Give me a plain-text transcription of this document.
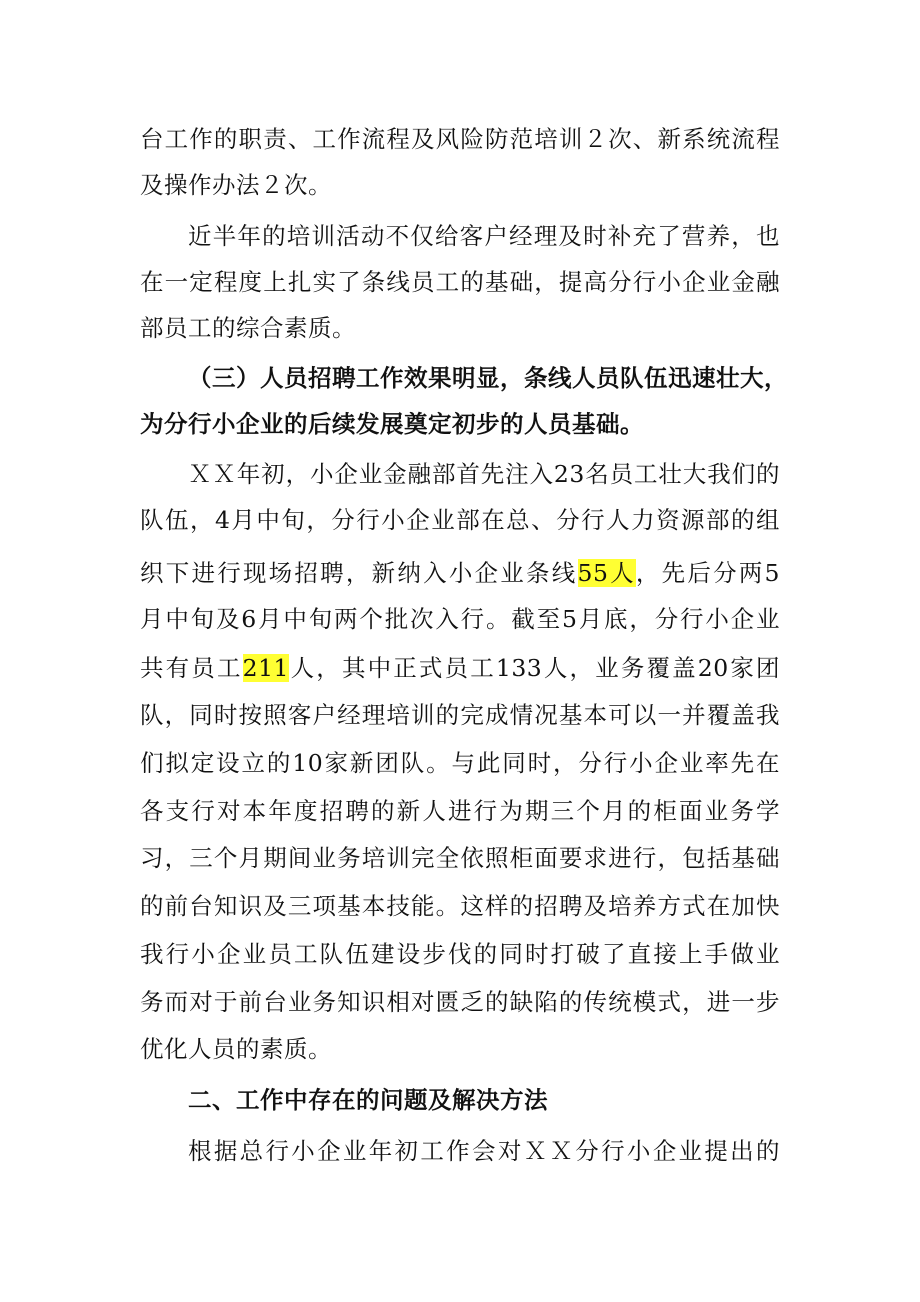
台工作的职责、工作流程及风险防范培训２次、新系统流程
及操作办法２次。
近半年的培训活动不仅给客户经理及时补充了营养，也
在一定程度上扎实了条线员工的基础，提高分行小企业金融
部员工的综合素质。
（三）人员招聘工作效果明显，条线人员队伍迅速壮大，
为分行小企业的后续发展奠定初步的人员基础。
ＸＸ年初，小企业金融部首先注入23名员工壮大我们的
队伍，4月中旬，分行小企业部在总、分行人力资源部的组
织下进行现场招聘，新纳入小企业条线55人，先后分两5
月中旬及6月中旬两个批次入行。截至5月底，分行小企业
共有员工211人，其中正式员工133人，业务覆盖20家团
队，同时按照客户经理培训的完成情况基本可以一并覆盖我
们拟定设立的10家新团队。与此同时，分行小企业率先在
各支行对本年度招聘的新人进行为期三个月的柜面业务学
习，三个月期间业务培训完全依照柜面要求进行，包括基础
的前台知识及三项基本技能。这样的招聘及培养方式在加快
我行小企业员工队伍建设步伐的同时打破了直接上手做业
务而对于前台业务知识相对匮乏的缺陷的传统模式，进一步
优化人员的素质。
二、工作中存在的问题及解决方法
根据总行小企业年初工作会对ＸＸ分行小企业提出的
